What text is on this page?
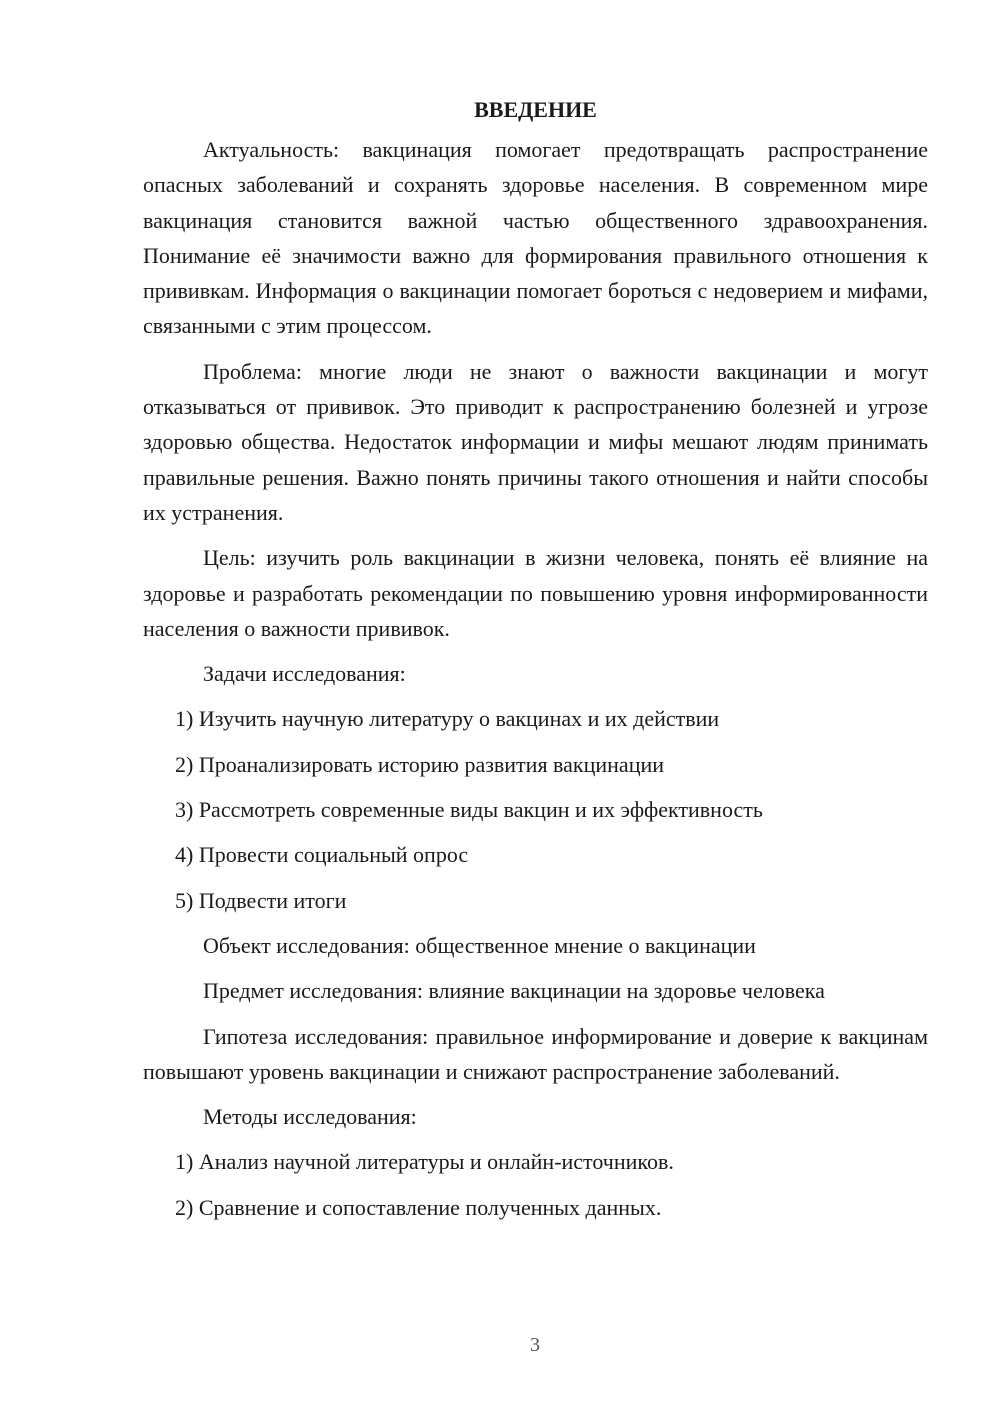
ВВЕДЕНИЕ

Актуальность: вакцинация помогает предотвращать распространение опасных заболеваний и сохранять здоровье населения. В современном мире вакцинация становится важной частью общественного здравоохранения. Понимание её значимости важно для формирования правильного отношения к прививкам. Информация о вакцинации помогает бороться с недоверием и мифами, связанными с этим процессом.

Проблема: многие люди не знают о важности вакцинации и могут отказываться от прививок. Это приводит к распространению болезней и угрозе здоровью общества. Недостаток информации и мифы мешают людям принимать правильные решения. Важно понять причины такого отношения и найти способы их устранения.

Цель: изучить роль вакцинации в жизни человека, понять её влияние на здоровье и разработать рекомендации по повышению уровня информированности населения о важности прививок.

Задачи исследования:

1) Изучить научную литературу о вакцинах и их действии
2) Проанализировать историю развития вакцинации
3) Рассмотреть современные виды вакцин и их эффективность
4) Провести социальный опрос
5) Подвести итоги

Объект исследования: общественное мнение о вакцинации

Предмет исследования: влияние вакцинации на здоровье человека

Гипотеза исследования: правильное информирование и доверие к вакцинам повышают уровень вакцинации и снижают распространение заболеваний.

Методы исследования:

1) Анализ научной литературы и онлайн-источников.
2) Сравнение и сопоставление полученных данных.
3
